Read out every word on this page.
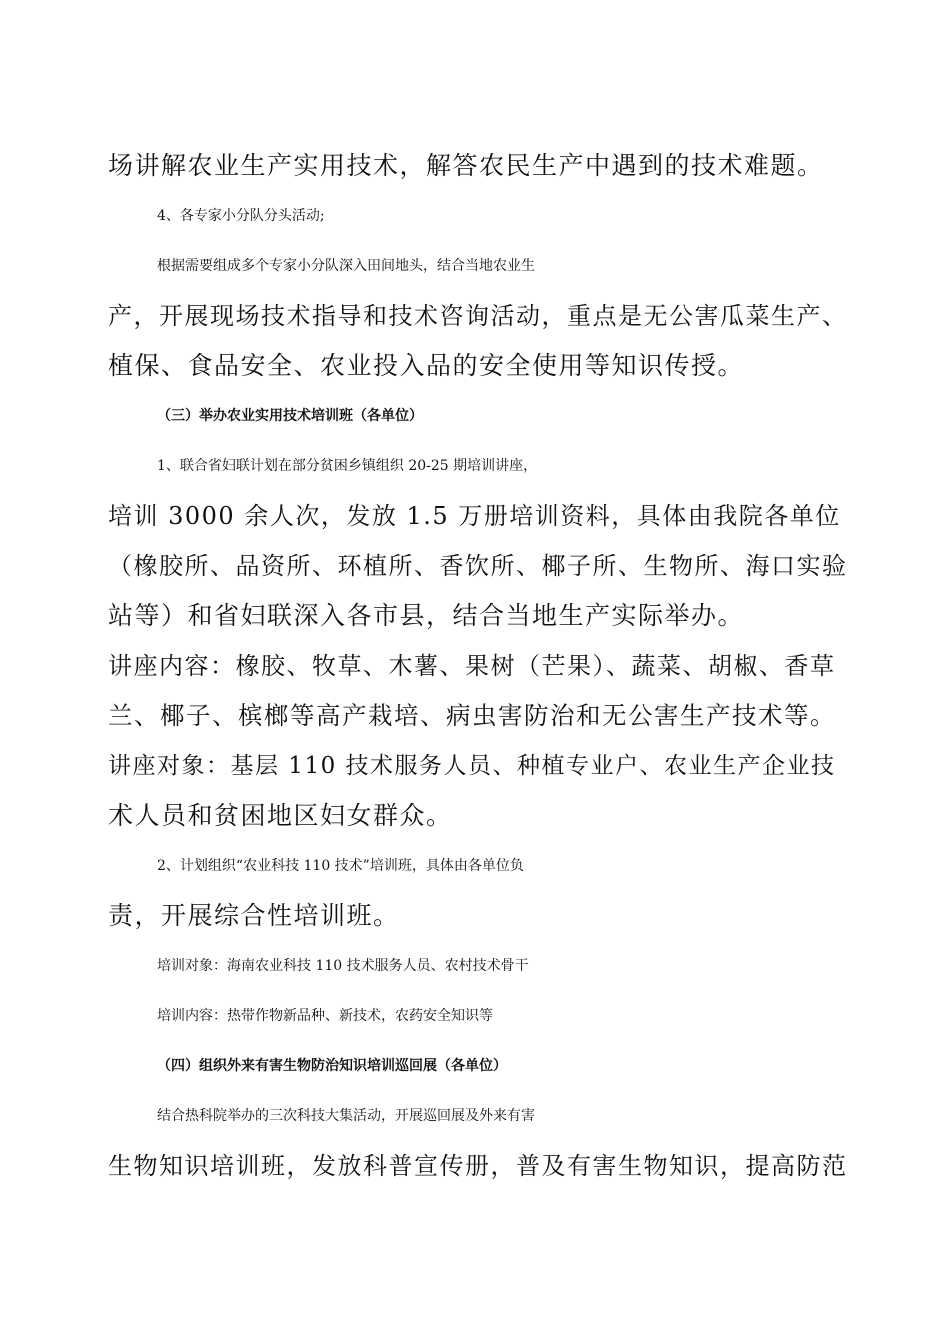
场讲解农业生产实用技术，解答农民生产中遇到的技术难题。
4、各专家小分队分头活动;
根据需要组成多个专家小分队深入田间地头，结合当地农业生
产，开展现场技术指导和技术咨询活动，重点是无公害瓜菜生产、
植保、食品安全、农业投入品的安全使用等知识传授。
（三）举办农业实用技术培训班（各单位）
1、联合省妇联计划在部分贫困乡镇组织 20-25 期培训讲座，
培训 3000 余人次，发放 1.5 万册培训资料，具体由我院各单位
（橡胶所、品资所、环植所、香饮所、椰子所、生物所、海口实验
站等）和省妇联深入各市县，结合当地生产实际举办。
讲座内容：橡胶、牧草、木薯、果树（芒果）、蔬菜、胡椒、香草
兰、椰子、槟榔等高产栽培、病虫害防治和无公害生产技术等。
讲座对象：基层 110 技术服务人员、种植专业户、农业生产企业技
术人员和贫困地区妇女群众。
2、计划组织“农业科技 110 技术”培训班，具体由各单位负
责，开展综合性培训班。
培训对象：海南农业科技 110 技术服务人员、农村技术骨干
培训内容：热带作物新品种、新技术，农药安全知识等
（四）组织外来有害生物防治知识培训巡回展（各单位）
结合热科院举办的三次科技大集活动，开展巡回展及外来有害
生物知识培训班，发放科普宣传册，普及有害生物知识，提高防范
